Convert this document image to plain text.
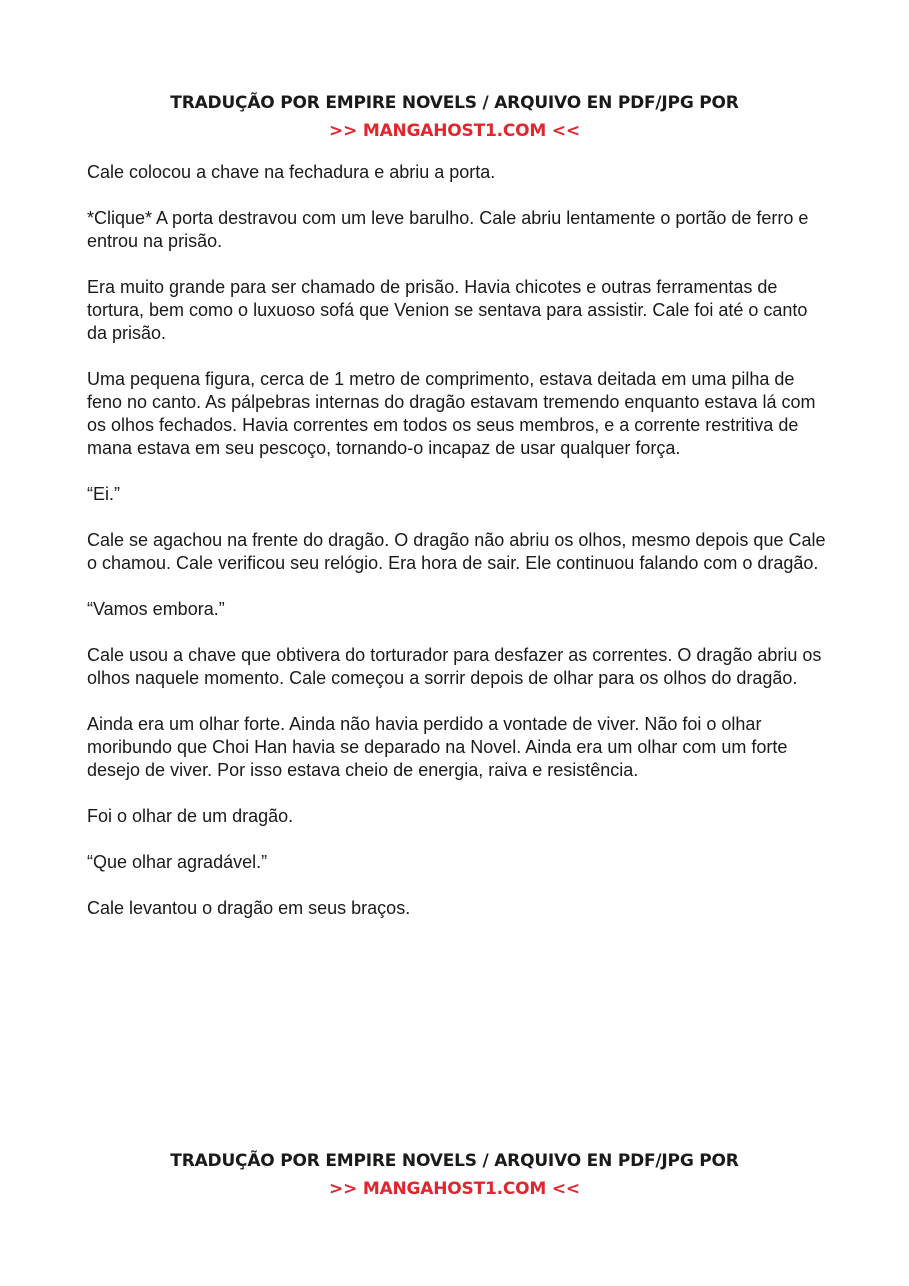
TRADUÇÃO POR EMPIRE NOVELS / ARQUIVO EN PDF/JPG POR
>> MANGAHOST1.COM <<

Cale colocou a chave na fechadura e abriu a porta.

*Clique* A porta destravou com um leve barulho. Cale abriu lentamente o portão de ferro e entrou na prisão.

Era muito grande para ser chamado de prisão. Havia chicotes e outras ferramentas de tortura, bem como o luxuoso sofá que Venion se sentava para assistir. Cale foi até o canto da prisão.

Uma pequena figura, cerca de 1 metro de comprimento, estava deitada em uma pilha de feno no canto. As pálpebras internas do dragão estavam tremendo enquanto estava lá com os olhos fechados. Havia correntes em todos os seus membros, e a corrente restritiva de mana estava em seu pescoço, tornando-o incapaz de usar qualquer força.

“Ei.”

Cale se agachou na frente do dragão. O dragão não abriu os olhos, mesmo depois que Cale o chamou. Cale verificou seu relógio. Era hora de sair. Ele continuou falando com o dragão.

“Vamos embora.”

Cale usou a chave que obtivera do torturador para desfazer as correntes. O dragão abriu os olhos naquele momento. Cale começou a sorrir depois de olhar para os olhos do dragão.

Ainda era um olhar forte. Ainda não havia perdido a vontade de viver. Não foi o olhar moribundo que Choi Han havia se deparado na Novel. Ainda era um olhar com um forte desejo de viver. Por isso estava cheio de energia, raiva e resistência.

Foi o olhar de um dragão.

“Que olhar agradável.”

Cale levantou o dragão em seus braços.

TRADUÇÃO POR EMPIRE NOVELS / ARQUIVO EN PDF/JPG POR
>> MANGAHOST1.COM <<
